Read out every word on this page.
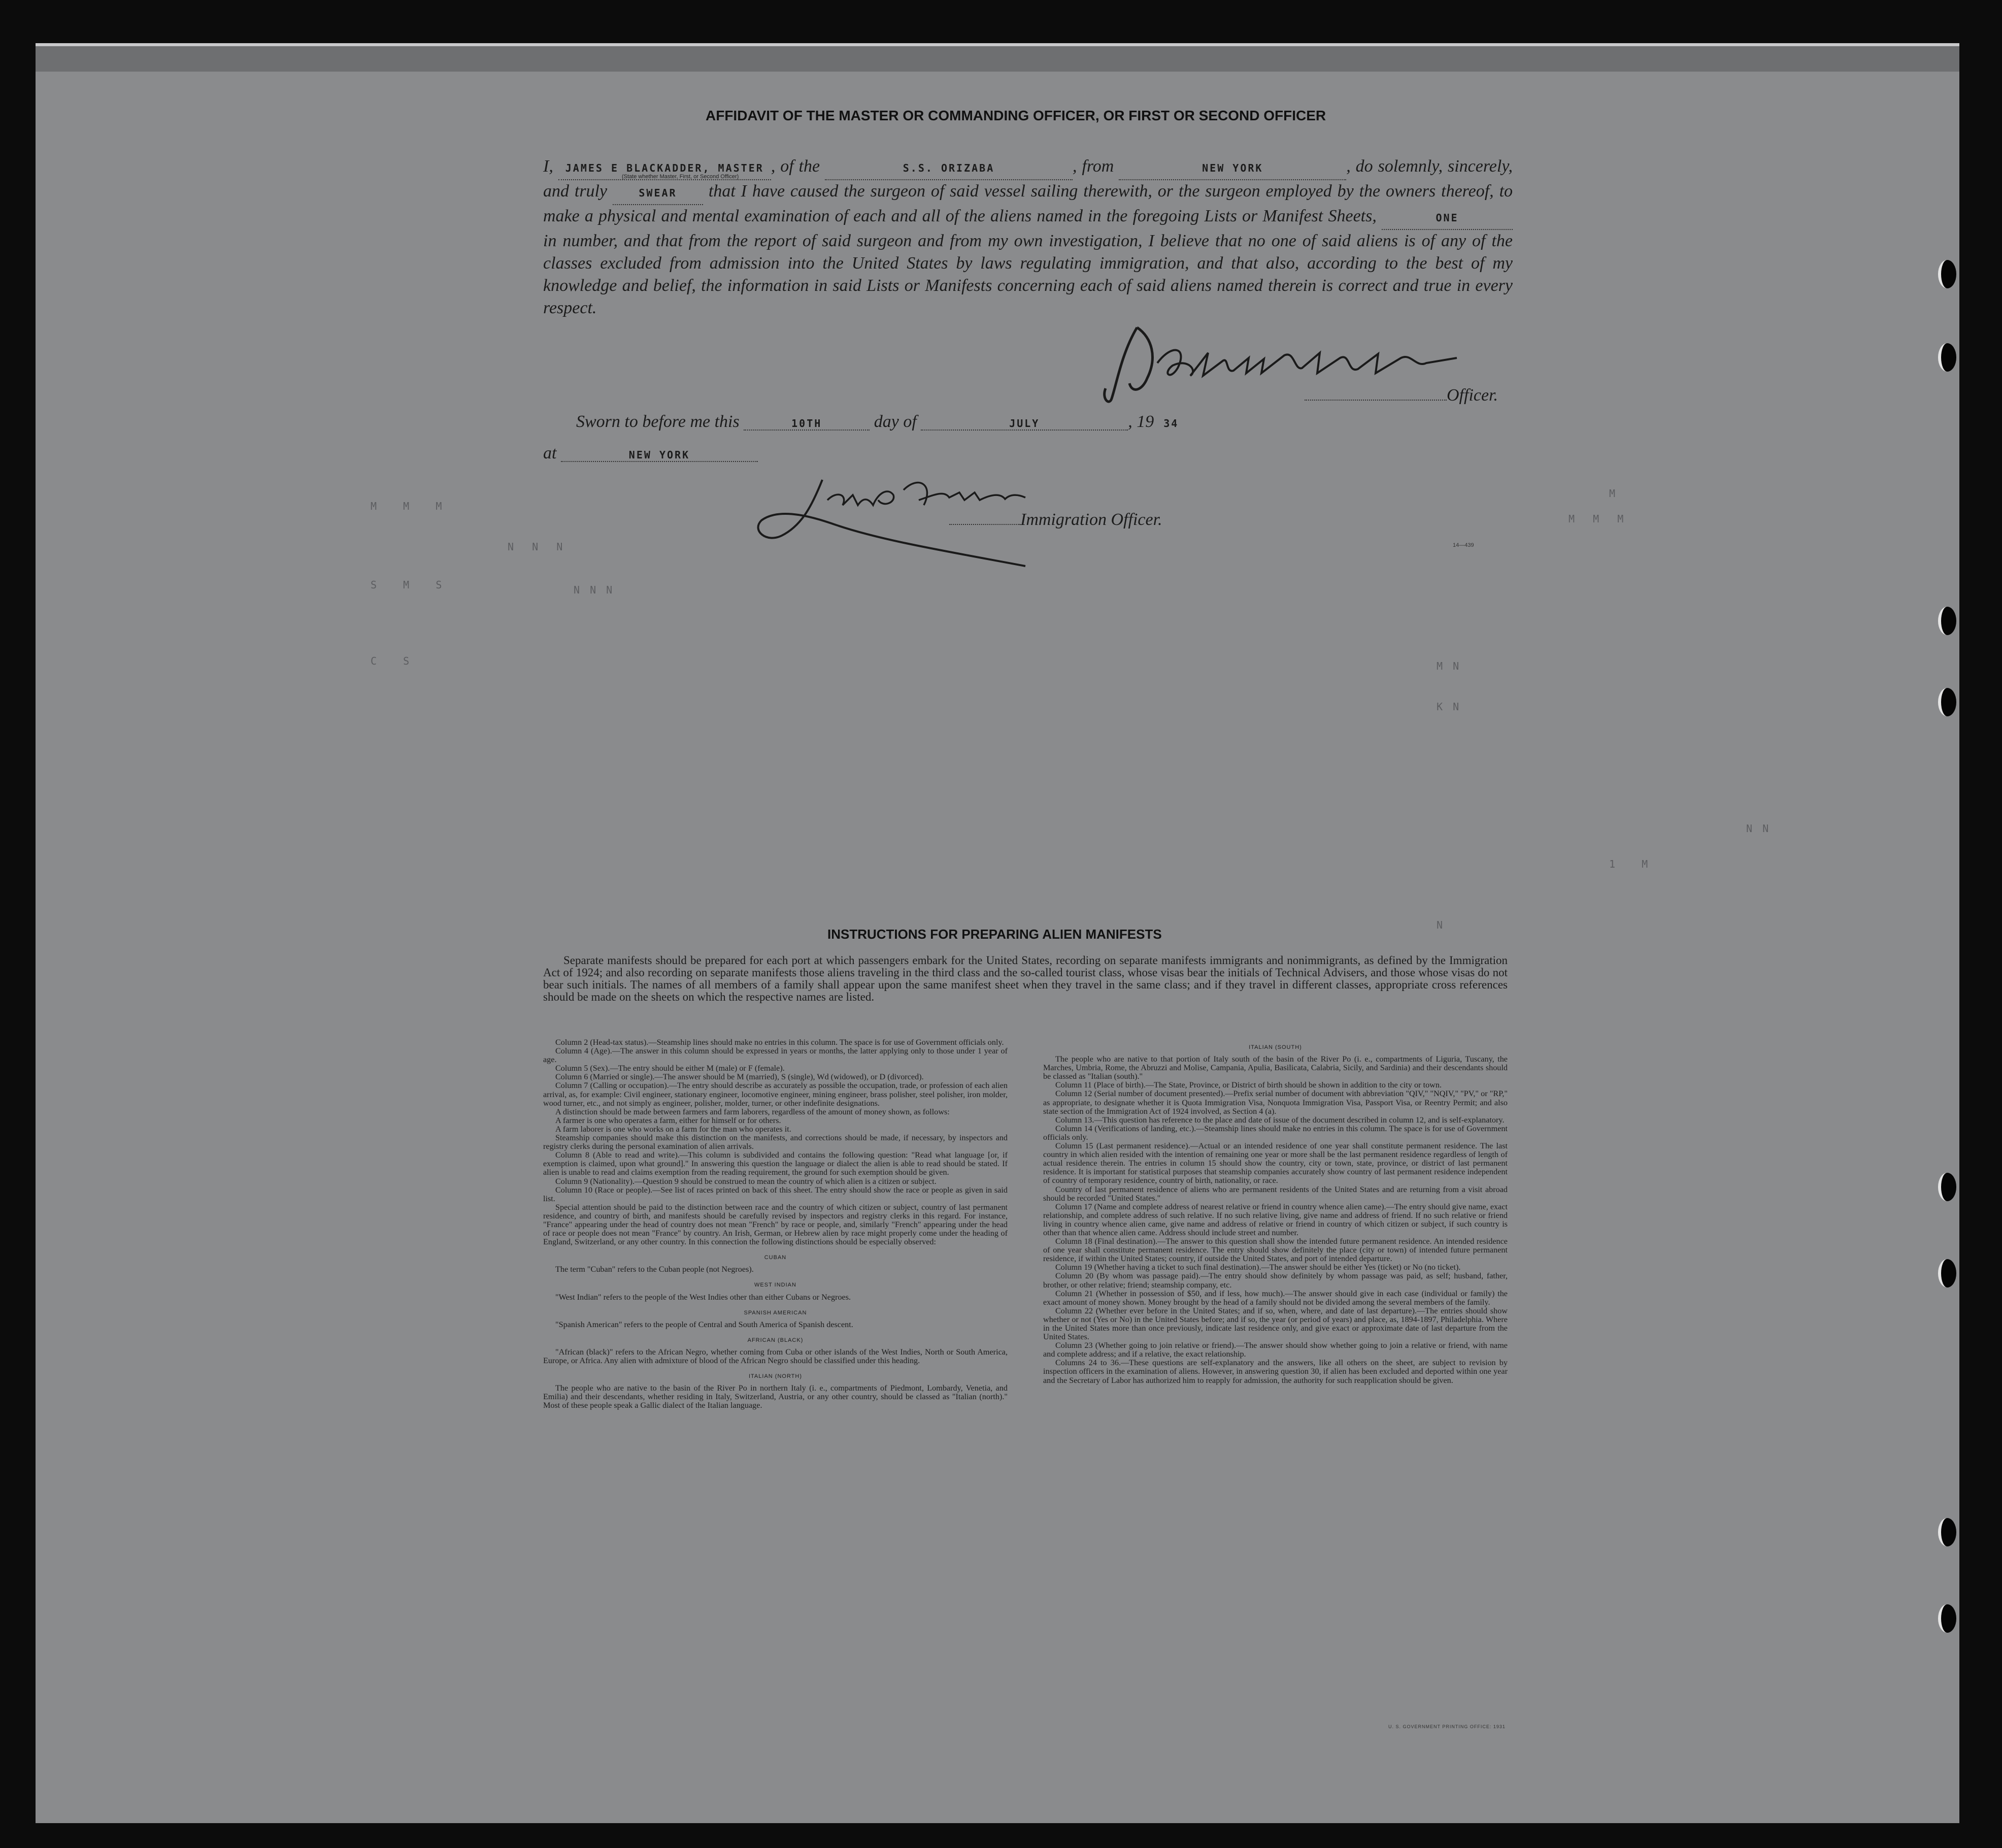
M
M  M  M
M   M   M
S   M   S
C   S
1   M
N  N  N
N N N
M N
K N
N N
N
AFFIDAVIT OF THE MASTER OR COMMANDING OFFICER, OR FIRST OR SECOND OFFICER

I, JAMES E BLACKADDER, MASTER , of the	S.S. ORIZABA	, from	NEW YORK	, do solemnly, sincerely, and truly	SWEAR that I have caused the surgeon of said vessel sailing therewith, or the surgeon employed by the owners thereof, to make a physical and mental examination of each and all of the aliens named in the foregoing Lists or Manifest Sheets,	ONE in number, and that from the report of said surgeon and from my own investigation, I believe that no one of said aliens is of any of the classes excluded from admission into the United States by laws regulating immigration, and that also, according to the best of my knowledge and belief, the information in said Lists or Manifests concerning each of said aliens named therein is correct and true in every respect.

(State whether Master, First, or Second Officer)
Officer.
Sworn to before me this	10TH	day of	JULY	, 19 34
at	NEW YORK
Immigration Officer.
14—439
INSTRUCTIONS FOR PREPARING ALIEN MANIFESTS

Separate manifests should be prepared for each port at which passengers embark for the United States, recording on separate manifests immigrants and nonimmigrants, as defined by the Immigration Act of 1924; and also recording on separate manifests those aliens traveling in the third class and the so-called tourist class, whose visas bear the initials of Technical Advisers, and those whose visas do not bear such initials. The names of all members of a family shall appear upon the same manifest sheet when they travel in the same class; and if they travel in different classes, appropriate cross references should be made on the sheets on which the respective names are listed.

Column 2 (Head-tax status).—Steamship lines should make no entries in this column. The space is for use of Government officials only.

Column 4 (Age).—The answer in this column should be expressed in years or months, the latter applying only to those under 1 year of age.

Column 5 (Sex).—The entry should be either M (male) or F (female).

Column 6 (Married or single).—The answer should be M (married), S (single), Wd (widowed), or D (divorced).

Column 7 (Calling or occupation).—The entry should describe as accurately as possible the occupation, trade, or profession of each alien arrival, as, for example: Civil engineer, stationary engineer, locomotive engineer, mining engineer, brass polisher, steel polisher, iron molder, wood turner, etc., and not simply as engineer, polisher, molder, turner, or other indefinite designations.

A distinction should be made between farmers and farm laborers, regardless of the amount of money shown, as follows:

A farmer is one who operates a farm, either for himself or for others.

A farm laborer is one who works on a farm for the man who operates it.

Steamship companies should make this distinction on the manifests, and corrections should be made, if necessary, by inspectors and registry clerks during the personal examination of alien arrivals.

Column 8 (Able to read and write).—This column is subdivided and contains the following question: "Read what language [or, if exemption is claimed, upon what ground]." In answering this question the language or dialect the alien is able to read should be stated. If alien is unable to read and claims exemption from the reading requirement, the ground for such exemption should be given.

Column 9 (Nationality).—Question 9 should be construed to mean the country of which alien is a citizen or subject.

Column 10 (Race or people).—See list of races printed on back of this sheet. The entry should show the race or people as given in said list.

Special attention should be paid to the distinction between race and the country of which citizen or subject, country of last permanent residence, and country of birth, and manifests should be carefully revised by inspectors and registry clerks in this regard. For instance, "France" appearing under the head of country does not mean "French" by race or people, and, similarly "French" appearing under the head of race or people does not mean "France" by country. An Irish, German, or Hebrew alien by race might properly come under the heading of England, Switzerland, or any other country. In this connection the following distinctions should be especially observed:

CUBAN

The term "Cuban" refers to the Cuban people (not Negroes).

WEST INDIAN

"West Indian" refers to the people of the West Indies other than either Cubans or Negroes.

SPANISH AMERICAN

"Spanish American" refers to the people of Central and South America of Spanish descent.

AFRICAN (BLACK)

"African (black)" refers to the African Negro, whether coming from Cuba or other islands of the West Indies, North or South America, Europe, or Africa. Any alien with admixture of blood of the African Negro should be classified under this heading.

ITALIAN (NORTH)

The people who are native to the basin of the River Po in northern Italy (i. e., compartments of Piedmont, Lombardy, Venetia, and Emilia) and their descendants, whether residing in Italy, Switzerland, Austria, or any other country, should be classed as "Italian (north)." Most of these people speak a Gallic dialect of the Italian language.

ITALIAN (SOUTH)

The people who are native to that portion of Italy south of the basin of the River Po (i. e., compartments of Liguria, Tuscany, the Marches, Umbria, Rome, the Abruzzi and Molise, Campania, Apulia, Basilicata, Calabria, Sicily, and Sardinia) and their descendants should be classed as "Italian (south)."

Column 11 (Place of birth).—The State, Province, or District of birth should be shown in addition to the city or town.

Column 12 (Serial number of document presented).—Prefix serial number of document with abbreviation "QIV," "NQIV," "PV," or "RP," as appropriate, to designate whether it is Quota Immigration Visa, Nonquota Immigration Visa, Passport Visa, or Reentry Permit; and also state section of the Immigration Act of 1924 involved, as Section 4 (a).

Column 13.—This question has reference to the place and date of issue of the document described in column 12, and is self-explanatory.

Column 14 (Verifications of landing, etc.).—Steamship lines should make no entries in this column. The space is for use of Government officials only.

Column 15 (Last permanent residence).—Actual or an intended residence of one year shall constitute permanent residence. The last country in which alien resided with the intention of remaining one year or more shall be the last permanent residence regardless of length of actual residence therein. The entries in column 15 should show the country, city or town, state, province, or district of last permanent residence. It is important for statistical purposes that steamship companies accurately show country of last permanent residence independent of country of temporary residence, country of birth, nationality, or race.

Country of last permanent residence of aliens who are permanent residents of the United States and are returning from a visit abroad should be recorded "United States."

Column 17 (Name and complete address of nearest relative or friend in country whence alien came).—The entry should give name, exact relationship, and complete address of such relative. If no such relative living, give name and address of friend. If no such relative or friend living in country whence alien came, give name and address of relative or friend in country of which citizen or subject, if such country is other than that whence alien came. Address should include street and number.

Column 18 (Final destination).—The answer to this question shall show the intended future permanent residence. An intended residence of one year shall constitute permanent residence. The entry should show definitely the place (city or town) of intended future permanent residence, if within the United States; country, if outside the United States, and port of intended departure.

Column 19 (Whether having a ticket to such final destination).—The answer should be either Yes (ticket) or No (no ticket).

Column 20 (By whom was passage paid).—The entry should show definitely by whom passage was paid, as self; husband, father, brother, or other relative; friend; steamship company, etc.

Column 21 (Whether in possession of $50, and if less, how much).—The answer should give in each case (individual or family) the exact amount of money shown. Money brought by the head of a family should not be divided among the several members of the family.

Column 22 (Whether ever before in the United States; and if so, when, where, and date of last departure).—The entries should show whether or not (Yes or No) in the United States before; and if so, the year (or period of years) and place, as, 1894-1897, Philadelphia. Where in the United States more than once previously, indicate last residence only, and give exact or approximate date of last departure from the United States.

Column 23 (Whether going to join relative or friend).—The answer should show whether going to join a relative or friend, with name and complete address; and if a relative, the exact relationship.

Columns 24 to 36.—These questions are self-explanatory and the answers, like all others on the sheet, are subject to revision by inspection officers in the examination of aliens. However, in answering question 30, if alien has been excluded and deported within one year and the Secretary of Labor has authorized him to reapply for admission, the authority for such reapplication should be given.

U. S. GOVERNMENT PRINTING OFFICE: 1931
